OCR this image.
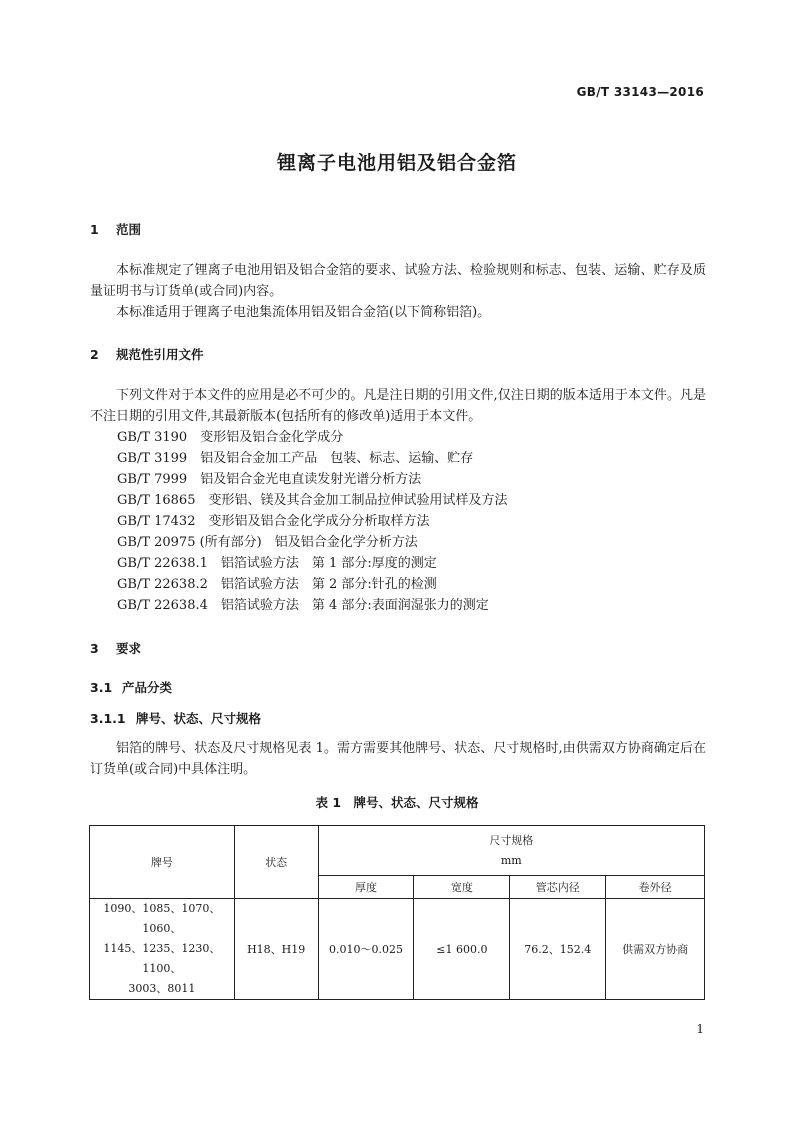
GB/T 33143—2016
锂离子电池用铝及铝合金箔
1 范围
本标准规定了锂离子电池用铝及铝合金箔的要求、试验方法、检验规则和标志、包装、运输、贮存及质量证明书与订货单(或合同)内容。
本标准适用于锂离子电池集流体用铝及铝合金箔(以下简称铝箔)。
2 规范性引用文件
下列文件对于本文件的应用是必不可少的。凡是注日期的引用文件,仅注日期的版本适用于本文件。凡是不注日期的引用文件,其最新版本(包括所有的修改单)适用于本文件。
GB/T 3190　变形铝及铝合金化学成分
GB/T 3199　铝及铝合金加工产品　包装、标志、运输、贮存
GB/T 7999　铝及铝合金光电直读发射光谱分析方法
GB/T 16865　变形铝、镁及其合金加工制品拉伸试验用试样及方法
GB/T 17432　变形铝及铝合金化学成分分析取样方法
GB/T 20975 (所有部分)　铝及铝合金化学分析方法
GB/T 22638.1　铝箔试验方法　第 1 部分:厚度的测定
GB/T 22638.2　铝箔试验方法　第 2 部分:针孔的检测
GB/T 22638.4　铝箔试验方法　第 4 部分:表面润湿张力的测定
3 要求
3.1 产品分类
3.1.1 牌号、状态、尺寸规格
铝箔的牌号、状态及尺寸规格见表 1。需方需要其他牌号、状态、尺寸规格时,由供需双方协商确定后在订货单(或合同)中具体注明。
表 1　牌号、状态、尺寸规格
牌号	状态	尺寸规格
mm			

		厚度	宽度	管芯内径	卷外径

1090、1085、1070、1060、
1145、1235、1230、1100、
3003、8011	H18、H19	0.010～0.025	≤1 600.0	76.2、152.4	供需双方协商
1
